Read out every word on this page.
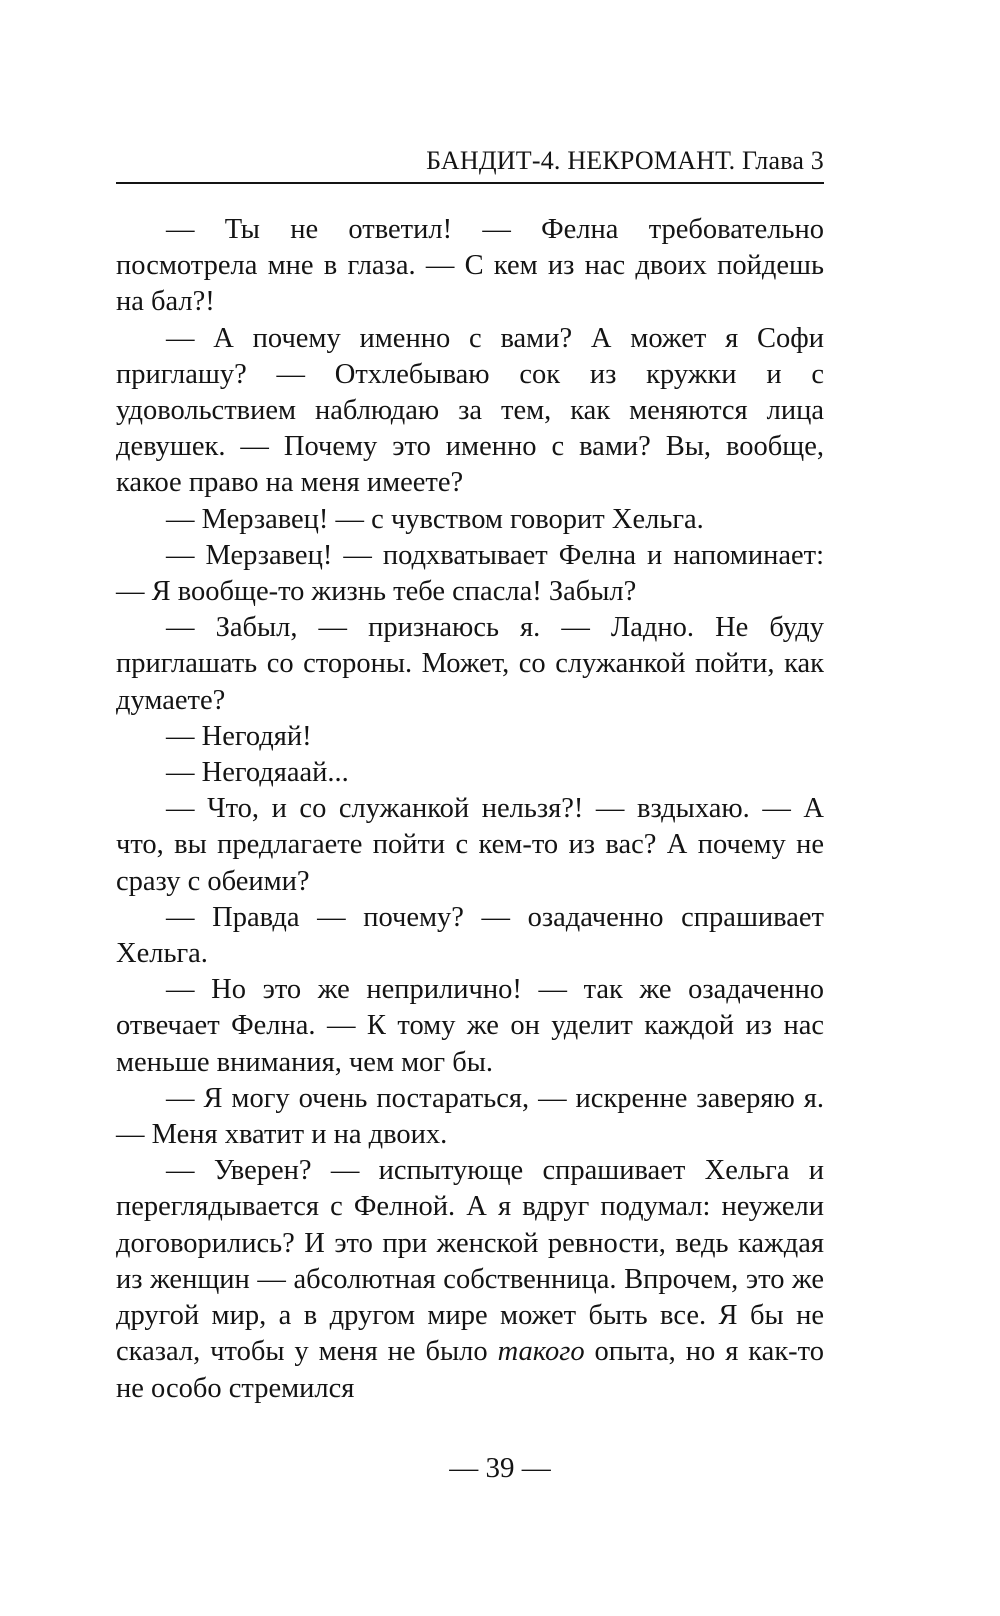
БАНДИТ-4. НЕКРОМАНТ. Глава 3

— Ты не ответил! — Фелна требовательно посмотрела мне в глаза. — С кем из нас двоих пойдешь на бал?!

— А почему именно с вами? А может я Софи приглашу? — Отхлебываю сок из кружки и с удовольствием наблюдаю за тем, как меняются лица девушек. — Почему это именно с вами? Вы, вообще, какое право на меня имеете?

— Мерзавец! — с чувством говорит Хельга.

— Мерзавец! — подхватывает Фелна и напоминает: — Я вообще-то жизнь тебе спасла! Забыл?

— Забыл, — признаюсь я. — Ладно. Не буду приглашать со стороны. Может, со служанкой пойти, как думаете?

— Негодяй!

— Негодяаай...

— Что, и со служанкой нельзя?! — вздыхаю. — А что, вы предлагаете пойти с кем-то из вас? А почему не сразу с обеими?

— Правда — почему? — озадаченно спрашивает Хельга.

— Но это же неприлично! — так же озадаченно отвечает Фелна. — К тому же он уделит каждой из нас меньше внимания, чем мог бы.

— Я могу очень постараться, — искренне заверяю я. — Меня хватит и на двоих.

— Уверен? — испытующе спрашивает Хельга и переглядывается с Фелной. А я вдруг подумал: неужели договорились? И это при женской ревности, ведь каждая из женщин — абсолютная собственница. Впрочем, это же другой мир, а в другом мире может быть все. Я бы не сказал, чтобы у меня не было такого опыта, но я как-то не особо стремился

— 39 —
